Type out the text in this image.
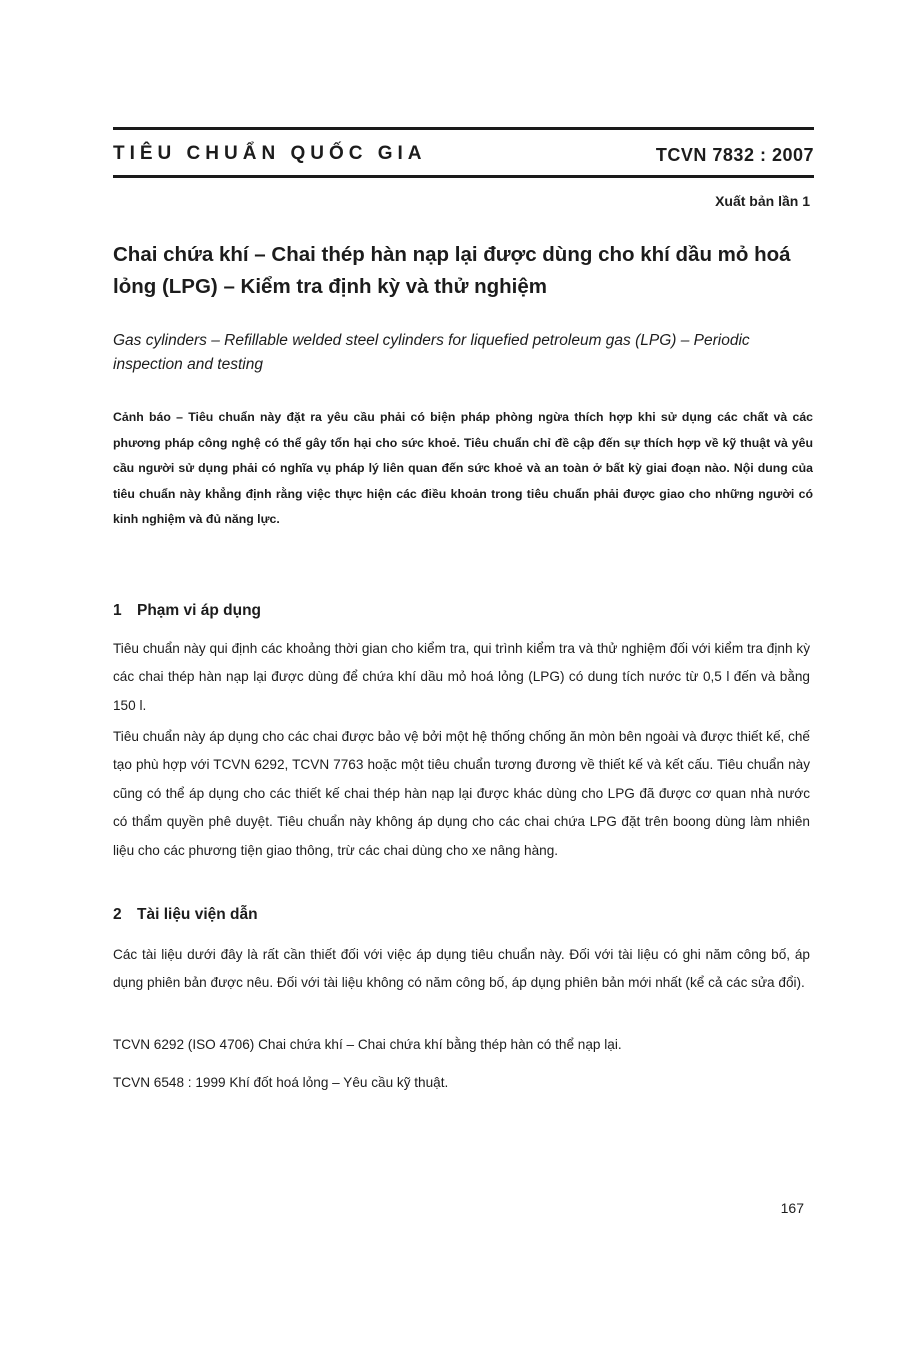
TIÊU CHUẨN QUỐC GIA	TCVN 7832 : 2007
Xuất bản lần 1
Chai chứa khí – Chai thép hàn nạp lại được dùng cho khí dầu mỏ hoá lỏng (LPG) – Kiểm tra định kỳ và thử nghiệm

Gas cylinders – Refillable welded steel cylinders for liquefied petroleum gas (LPG) – Periodic inspection and testing

Cảnh báo – Tiêu chuẩn này đặt ra yêu cầu phải có biện pháp phòng ngừa thích hợp khi sử dụng các chất và các phương pháp công nghệ có thể gây tổn hại cho sức khoẻ. Tiêu chuẩn chỉ đề cập đến sự thích hợp về kỹ thuật và yêu cầu người sử dụng phải có nghĩa vụ pháp lý liên quan đến sức khoẻ và an toàn ở bất kỳ giai đoạn nào. Nội dung của tiêu chuẩn này khẳng định rằng việc thực hiện các điều khoản trong tiêu chuẩn phải được giao cho những người có kinh nghiệm và đủ năng lực.

1 Phạm vi áp dụng

Tiêu chuẩn này qui định các khoảng thời gian cho kiểm tra, qui trình kiểm tra và thử nghiệm đối với kiểm tra định kỳ các chai thép hàn nạp lại được dùng để chứa khí dầu mỏ hoá lỏng (LPG) có dung tích nước từ 0,5 l đến và bằng 150 l.

Tiêu chuẩn này áp dụng cho các chai được bảo vệ bởi một hệ thống chống ăn mòn bên ngoài và được thiết kế, chế tạo phù hợp với TCVN 6292, TCVN 7763 hoặc một tiêu chuẩn tương đương về thiết kế và kết cấu. Tiêu chuẩn này cũng có thể áp dụng cho các thiết kế chai thép hàn nạp lại được khác dùng cho LPG đã được cơ quan nhà nước có thẩm quyền phê duyệt. Tiêu chuẩn này không áp dụng cho các chai chứa LPG đặt trên boong dùng làm nhiên liệu cho các phương tiện giao thông, trừ các chai dùng cho xe nâng hàng.

2 Tài liệu viện dẫn

Các tài liệu dưới đây là rất cần thiết đối với việc áp dụng tiêu chuẩn này. Đối với tài liệu có ghi năm công bố, áp dụng phiên bản được nêu. Đối với tài liệu không có năm công bố, áp dụng phiên bản mới nhất (kể cả các sửa đổi).

TCVN 6292 (ISO 4706) Chai chứa khí – Chai chứa khí bằng thép hàn có thể nạp lại.

TCVN 6548 : 1999 Khí đốt hoá lỏng – Yêu cầu kỹ thuật.

167
